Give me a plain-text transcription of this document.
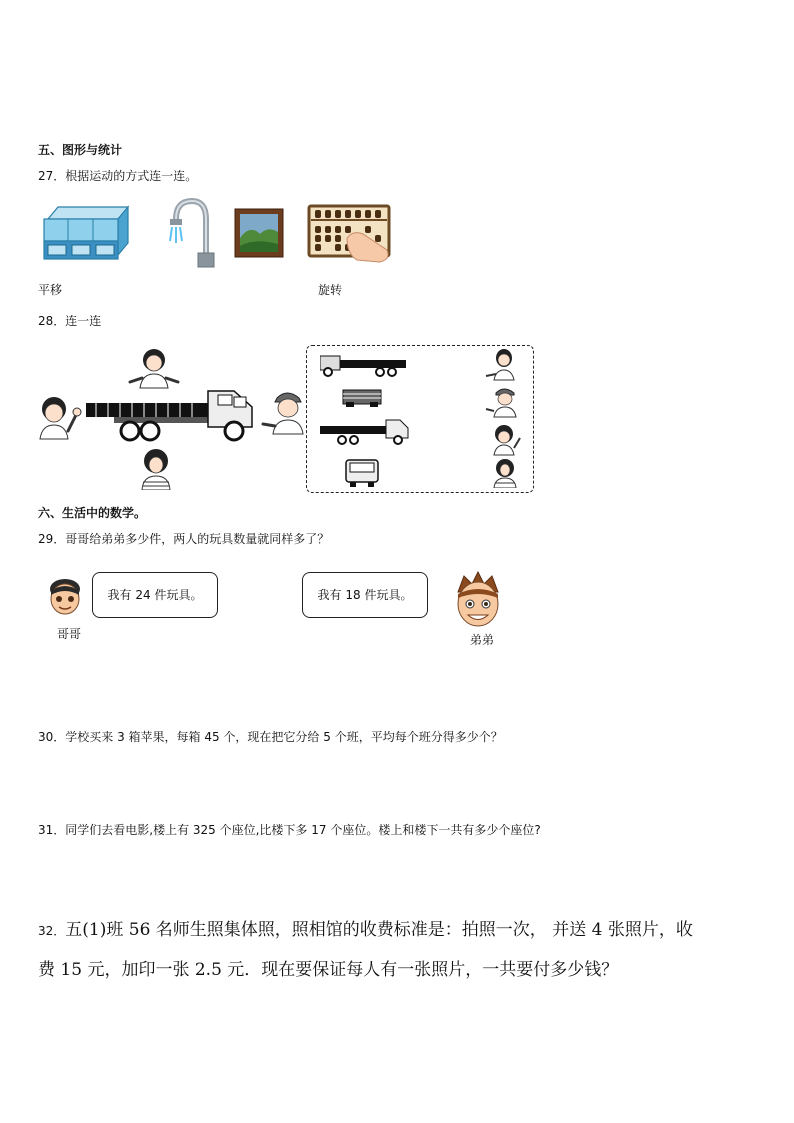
五、图形与统计
27．根据运动的方式连一连。
平移	旋转
28．连一连
六、生活中的数学。
29．哥哥给弟弟多少件，两人的玩具数量就同样多了？
我有 24 件玩具。
哥哥
我有 18 件玩具。
弟弟
30．学校买来 3 箱苹果，每箱 45 个，现在把它分给 5 个班，平均每个班分得多少个？
31．同学们去看电影,楼上有 325 个座位,比楼下多 17 个座位。楼上和楼下一共有多少个座位?
32．五(1)班 56 名师生照集体照，照相馆的收费标准是：拍照一次， 并送 4 张照片，收
费 15 元，加印一张 2.5 元．现在要保证每人有一张照片，一共要付多少钱？
